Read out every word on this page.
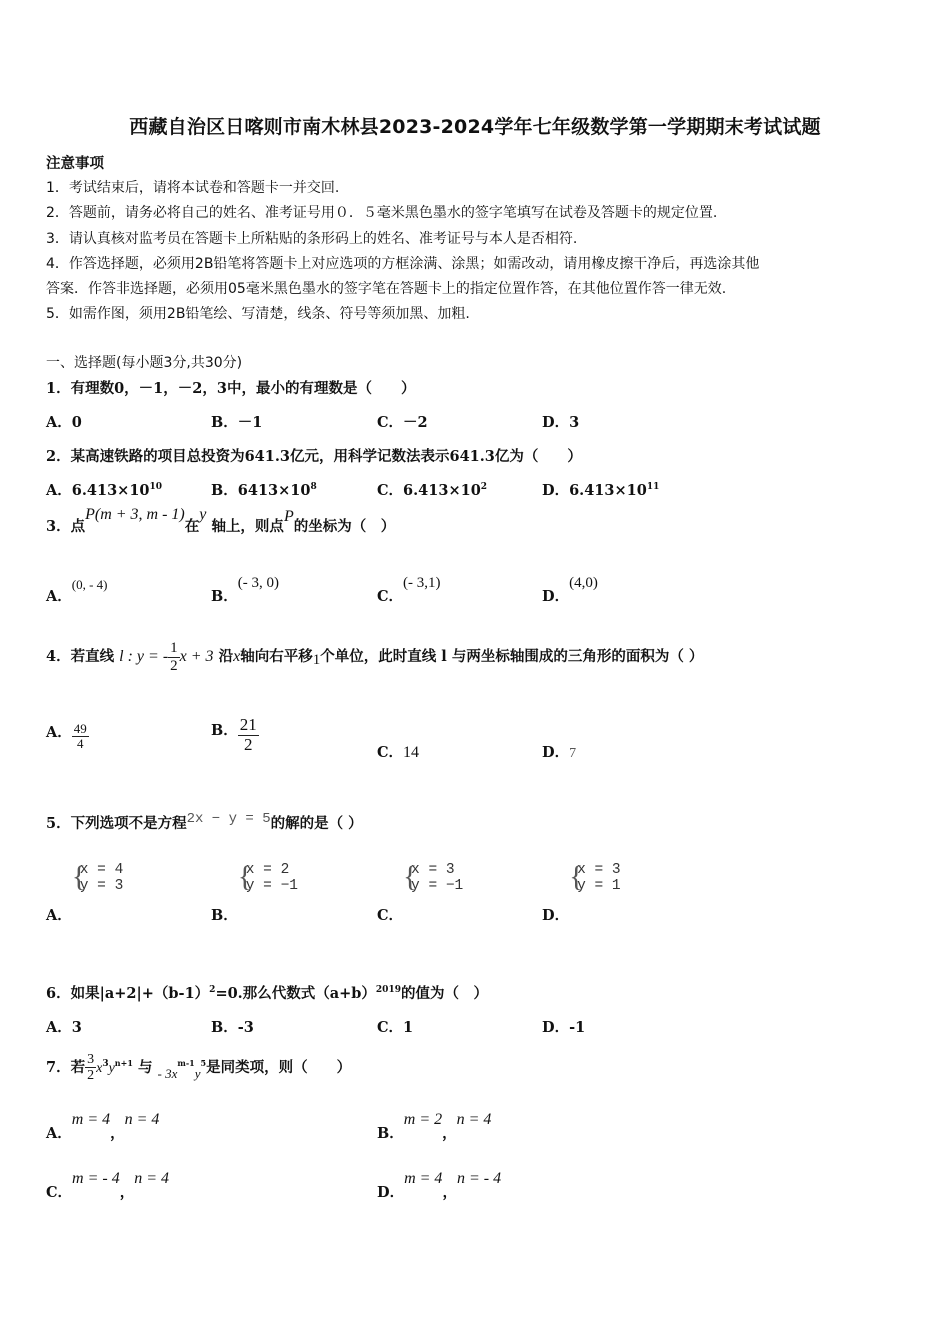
西藏自治区日喀则市南木林县2023-2024学年七年级数学第一学期期末考试试题
注意事项
1．考试结束后，请将本试卷和答题卡一并交回.
2．答题前，请务必将自己的姓名、准考证号用０．５毫米黑色墨水的签字笔填写在试卷及答题卡的规定位置.
3．请认真核对监考员在答题卡上所粘贴的条形码上的姓名、准考证号与本人是否相符.
4．作答选择题，必须用2B铅笔将答题卡上对应选项的方框涂满、涂黑；如需改动，请用橡皮擦干净后，再选涂其他
答案．作答非选择题，必须用05毫米黑色墨水的签字笔在答题卡上的指定位置作答，在其他位置作答一律无效.
5．如需作图，须用2B铅笔绘、写清楚，线条、符号等须加黑、加粗.
一、选择题(每小题3分,共30分)
1．有理数0，－1，－2，3中，最小的有理数是（　　）
A．0	B．－1	C．－2	D．3
2．某高速铁路的项目总投资为641.3亿元，用科学记数法表示641.3亿为（　　）
A．$6.413\times 10^{10}$	B．$6413\times 10^8$	C．$6.413\times 10^2$	D．$6.413\times 10^{11}$
3．点P(m + 3, m - 1)在y 轴上，则点P的坐标为（　）
A．(0, - 4)
B．(- 3, 0)
C．(- 3,1)
D．(4,0)
4．若直线 l : y = - $\frac{1}{2}$ x + 3 沿x轴向右平移1个单位，此时直线 l 与两坐标轴围成的三角形的面积为（ ）
A． $\frac{49}{4}$	B． $\frac{21}{2}$	C．14	D．7
5．下列选项不是方程2x − y = 5的解的是（ ）
A．
{
x = 4
y = 3
B．
{
x = 2
y = −1
C．
{
x = 3
y = −1
D．
{
x = 3
y = 1
6．如果$|a+2|+(b-1)^2=0$.那么代数式$(a+b)^{2019}$的值为（　）
A．3	B．-3	C．1	D．-1
7．若 $\frac{3}{2} x^3y^{n+1}$ 与 - $3x^{m-1}y^5$是同类项，则（　　）
A．m = 4，n = 4
B．m = 2，n = 4
C．m = - 4，n = 4
D．m = 4，n = - 4
